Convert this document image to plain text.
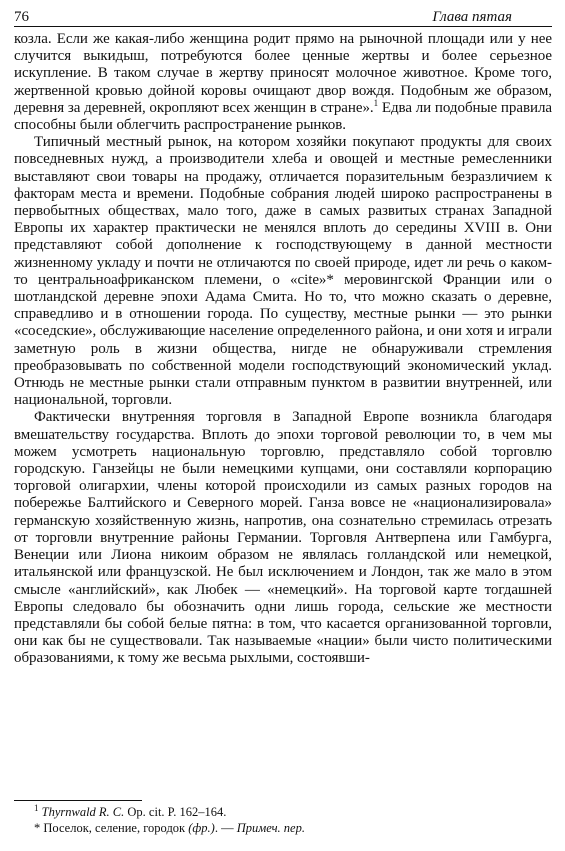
76	Глава пятая

козла. Если же какая-либо женщина родит прямо на рыночной площади или у нее случится выкидыш, потребуются более ценные жертвы и более серьезное искупление. В таком случае в жертву приносят молочное животное. Кроме того, жертвенной кровью дойной коровы очищают двор вождя. Подобным же образом, деревня за деревней, окропляют всех женщин в стране».$^1$ Едва ли подобные правила способны были облегчить распространение рынков.

Типичный местный рынок, на котором хозяйки покупают продукты для своих повседневных нужд, а производители хлеба и овощей и местные ремесленники выставляют свои товары на продажу, отличается поразительным безразличием к факторам места и времени. Подобные собрания людей широко распространены в первобытных обществах, мало того, даже в самых развитых странах Западной Европы их характер практически не менялся вплоть до середины XVIII в. Они представляют собой дополнение к господствующему в данной местности жизненному укладу и почти не отличаются по своей природе, идет ли речь о каком-то центральноафриканском племени, о «cite»* меровингской Франции или о шотландской деревне эпохи Адама Смита. Но то, что можно сказать о деревне, справедливо и в отношении города. По существу, местные рынки — это рынки «соседские», обслуживающие население определенного района, и они хотя и играли заметную роль в жизни общества, нигде не обнаруживали стремления преобразовывать по собственной модели господствующий экономический уклад. Отнюдь не местные рынки стали отправным пунктом в развитии внутренней, или национальной, торговли.

Фактически внутренняя торговля в Западной Европе возникла благодаря вмешательству государства. Вплоть до эпохи торговой революции то, в чем мы можем усмотреть национальную торговлю, представляло собой торговлю городскую. Ганзейцы не были немецкими купцами, они составляли корпорацию торговой олигархии, члены которой происходили из самых разных городов на побережье Балтийского и Северного морей. Ганза вовсе не «национализировала» германскую хозяйственную жизнь, напротив, она сознательно стремилась отрезать от торговли внутренние районы Германии. Торговля Антверпена или Гамбурга, Венеции или Лиона никоим образом не являлась голландской или немецкой, итальянской или французской. Не был исключением и Лондон, так же мало в этом смысле «английский», как Любек — «немецкий». На торговой карте тогдашней Европы следовало бы обозначить одни лишь города, сельские же местности представляли бы собой белые пятна: в том, что касается организованной торговли, они как бы не существовали. Так называемые «нации» были чисто политическими образованиями, к тому же весьма рыхлыми, состоявши-

$^1$ Thyrnwald R. C. Op. cit. P. 162–164.
* Поселок, селение, городок (фр.). — Примеч. пер.
